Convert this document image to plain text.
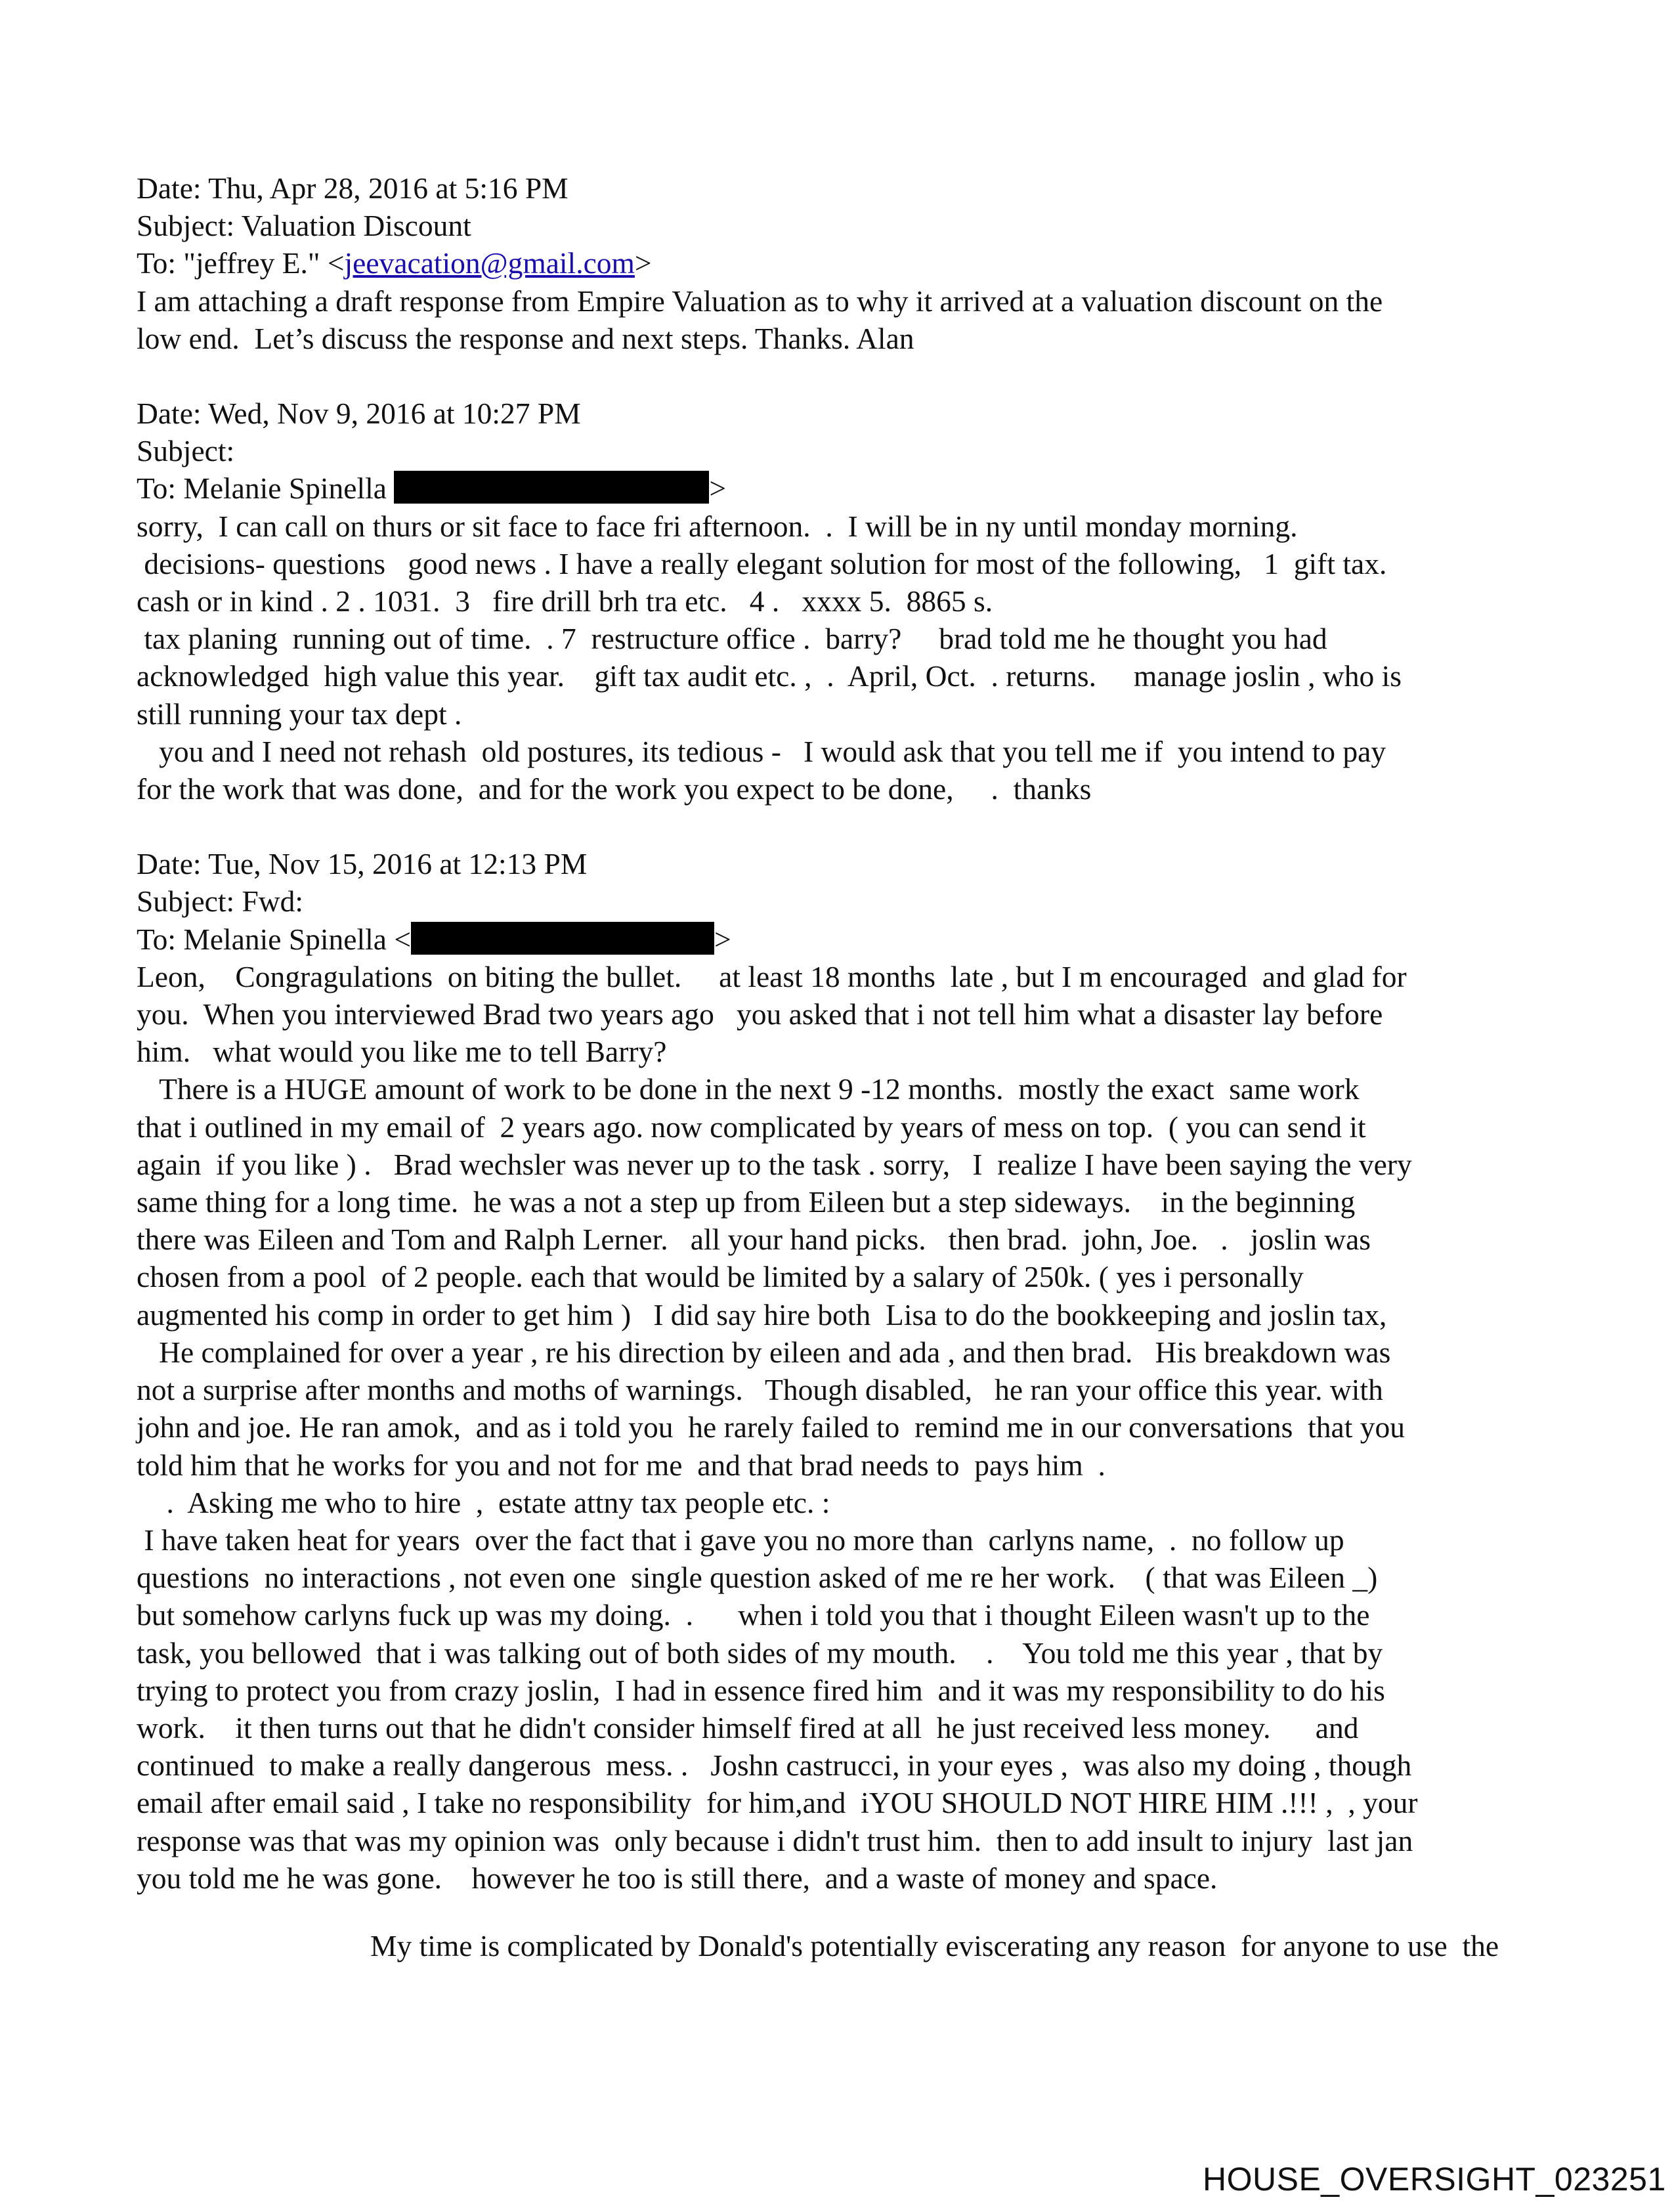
Date: Thu, Apr 28, 2016 at 5:16 PM
Subject: Valuation Discount
To: "jeffrey E." <jeevacation@gmail.com>
I am attaching a draft response from Empire Valuation as to why it arrived at a valuation discount on the
low end.  Let’s discuss the response and next steps. Thanks. Alan
Date: Wed, Nov 9, 2016 at 10:27 PM
Subject:
To: Melanie Spinella	>
sorry,  I can call on thurs or sit face to face fri afternoon.  .  I will be in ny until monday morning.
decisions- questions   good news . I have a really elegant solution for most of the following,   1  gift tax.
cash or in kind . 2 . 1031.  3   fire drill brh tra etc.   4 .   xxxx 5.  8865 s.
tax planing  running out of time.  . 7  restructure office .  barry?     brad told me he thought you had
acknowledged  high value this year.    gift tax audit etc. ,  .  April, Oct.  . returns.     manage joslin , who is
still running your tax dept .
you and I need not rehash  old postures, its tedious -   I would ask that you tell me if  you intend to pay
for the work that was done,  and for the work you expect to be done,     .  thanks
Date: Tue, Nov 15, 2016 at 12:13 PM
Subject: Fwd:
To: Melanie Spinella <	>
Leon,    Congragulations  on biting the bullet.     at least 18 months  late , but I m encouraged  and glad for
you.  When you interviewed Brad two years ago   you asked that i not tell him what a disaster lay before
him.   what would you like me to tell Barry?
There is a HUGE amount of work to be done in the next 9 -12 months.  mostly the exact  same work
that i outlined in my email of  2 years ago. now complicated by years of mess on top.  ( you can send it
again  if you like ) .   Brad wechsler was never up to the task . sorry,   I  realize I have been saying the very
same thing for a long time.  he was a not a step up from Eileen but a step sideways.    in the beginning
there was Eileen and Tom and Ralph Lerner.   all your hand picks.   then brad.  john, Joe.   .   joslin was
chosen from a pool  of 2 people. each that would be limited by a salary of 250k. ( yes i personally
augmented his comp in order to get him )   I did say hire both  Lisa to do the bookkeeping and joslin tax,
He complained for over a year , re his direction by eileen and ada , and then brad.   His breakdown was
not a surprise after months and moths of warnings.   Though disabled,   he ran your office this year. with
john and joe. He ran amok,  and as i told you  he rarely failed to  remind me in our conversations  that you
told him that he works for you and not for me  and that brad needs to  pays him  .
.  Asking me who to hire  ,  estate attny tax people etc. :
I have taken heat for years  over the fact that i gave you no more than  carlyns name,  .  no follow up
questions  no interactions , not even one  single question asked of me re her work.    ( that was Eileen _)
but somehow carlyns fuck up was my doing.  .      when i told you that i thought Eileen wasn't up to the
task, you bellowed  that i was talking out of both sides of my mouth.    .    You told me this year , that by
trying to protect you from crazy joslin,  I had in essence fired him  and it was my responsibility to do his
work.    it then turns out that he didn't consider himself fired at all  he just received less money.      and
continued  to make a really dangerous  mess. .   Joshn castrucci, in your eyes ,  was also my doing , though
email after email said , I take no responsibility  for him,and  iYOU SHOULD NOT HIRE HIM .!!! ,  , your
response was that was my opinion was  only because i didn't trust him.  then to add insult to injury  last jan
you told me he was gone.    however he too is still there,  and a waste of money and space.
My time is complicated by Donald's potentially eviscerating any reason  for anyone to use  the
HOUSE_OVERSIGHT_023251
